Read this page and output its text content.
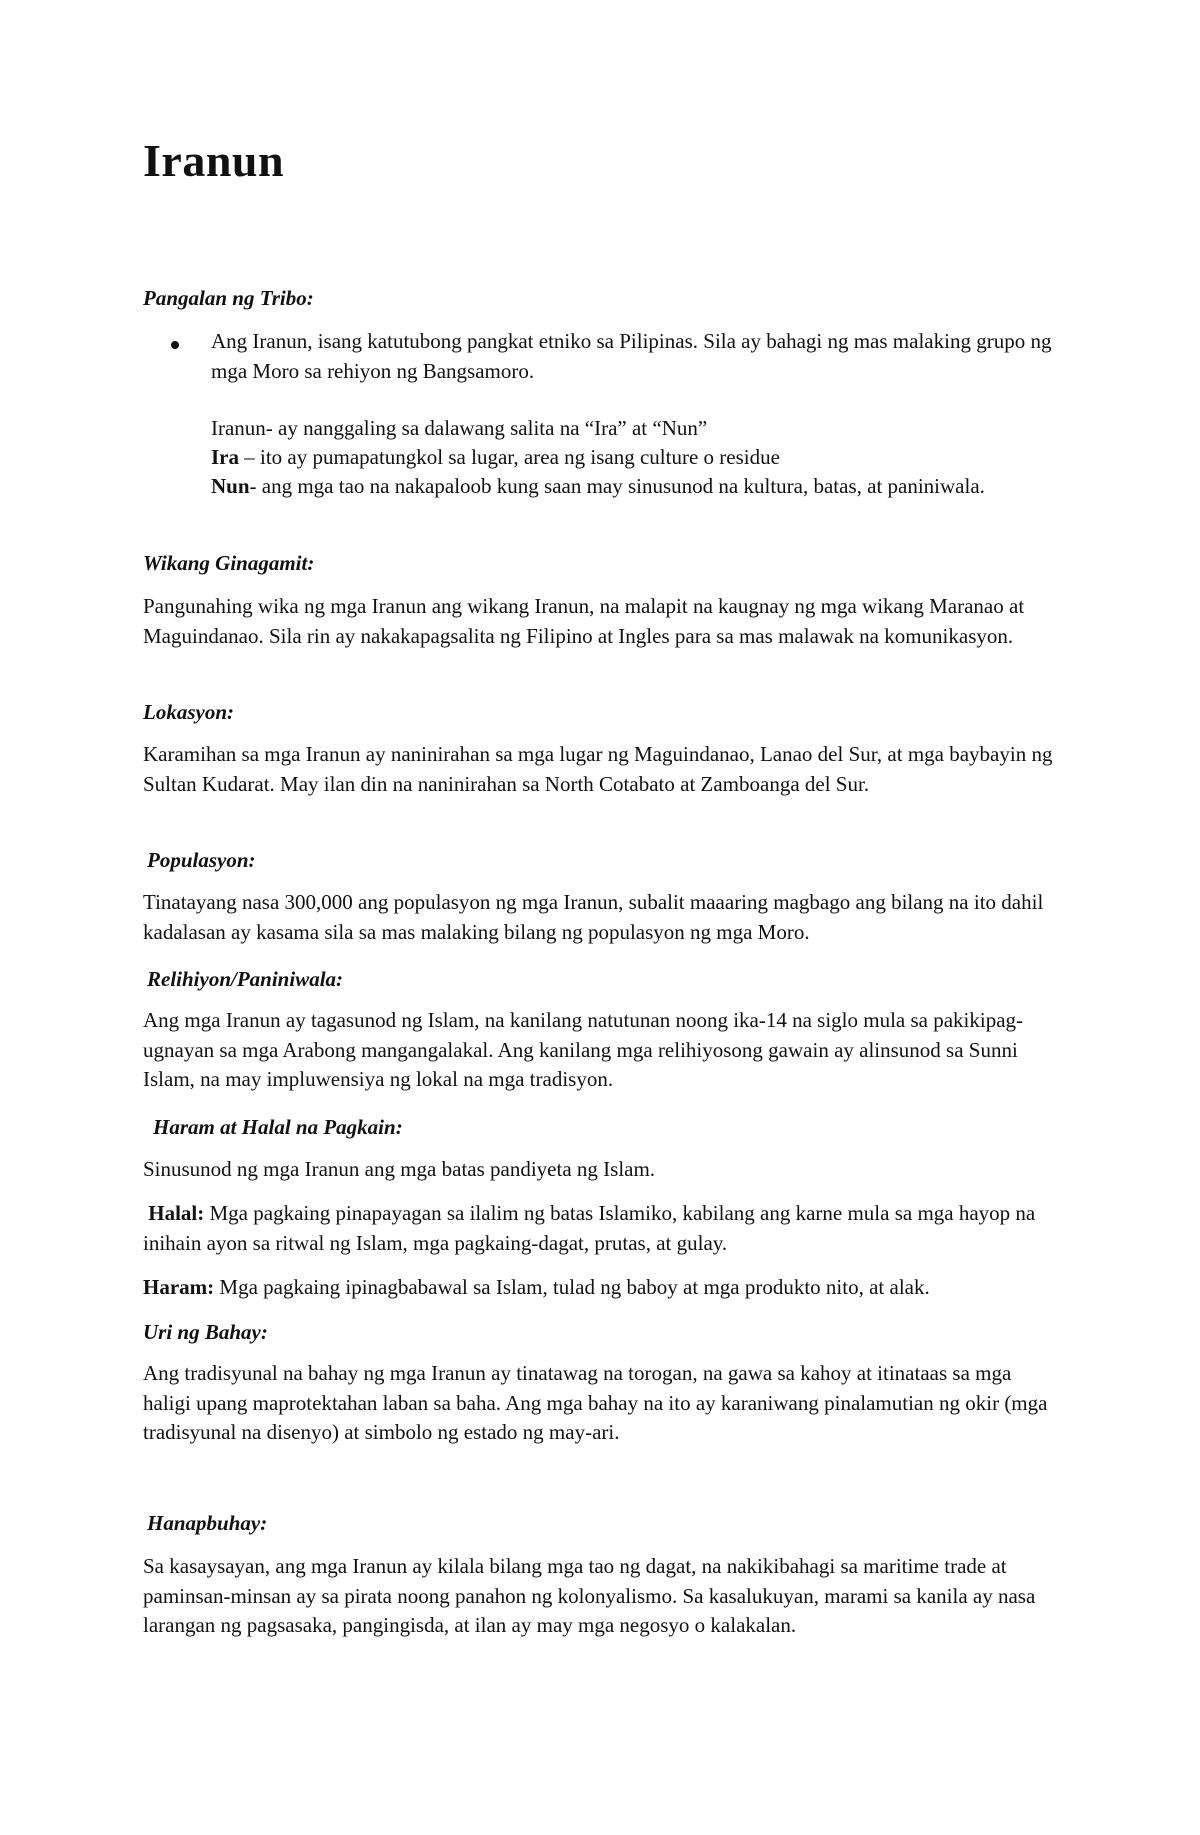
Iranun

Pangalan ng Tribo:

Ang Iranun, isang katutubong pangkat etniko sa Pilipinas. Sila ay bahagi ng mas malaking grupo ng mga Moro sa rehiyon ng Bangsamoro.

Iranun- ay nanggaling sa dalawang salita na “Ira” at “Nun”

Ira – ito ay pumapatungkol sa lugar, area ng isang culture o residue

Nun- ang mga tao na nakapaloob kung saan may sinusunod na kultura, batas, at paniniwala.

Wikang Ginagamit:

Pangunahing wika ng mga Iranun ang wikang Iranun, na malapit na kaugnay ng mga wikang Maranao at Maguindanao. Sila rin ay nakakapagsalita ng Filipino at Ingles para sa mas malawak na komunikasyon.

Lokasyon:

Karamihan sa mga Iranun ay naninirahan sa mga lugar ng Maguindanao, Lanao del Sur, at mga baybayin ng Sultan Kudarat. May ilan din na naninirahan sa North Cotabato at Zamboanga del Sur.

Populasyon:

Tinatayang nasa 300,000 ang populasyon ng mga Iranun, subalit maaaring magbago ang bilang na ito dahil kadalasan ay kasama sila sa mas malaking bilang ng populasyon ng mga Moro.

Relihiyon/Paniniwala:

Ang mga Iranun ay tagasunod ng Islam, na kanilang natutunan noong ika-14 na siglo mula sa pakikipag-ugnayan sa mga Arabong mangangalakal. Ang kanilang mga relihiyosong gawain ay alinsunod sa Sunni Islam, na may impluwensiya ng lokal na mga tradisyon.

Haram at Halal na Pagkain:

Sinusunod ng mga Iranun ang mga batas pandiyeta ng Islam.

Halal: Mga pagkaing pinapayagan sa ilalim ng batas Islamiko, kabilang ang karne mula sa mga hayop na inihain ayon sa ritwal ng Islam, mga pagkaing-dagat, prutas, at gulay.

Haram: Mga pagkaing ipinagbabawal sa Islam, tulad ng baboy at mga produkto nito, at alak.

Uri ng Bahay:

Ang tradisyunal na bahay ng mga Iranun ay tinatawag na torogan, na gawa sa kahoy at itinataas sa mga haligi upang maprotektahan laban sa baha. Ang mga bahay na ito ay karaniwang pinalamutian ng okir (mga tradisyunal na disenyo) at simbolo ng estado ng may-ari.

Hanapbuhay:

Sa kasaysayan, ang mga Iranun ay kilala bilang mga tao ng dagat, na nakikibahagi sa maritime trade at paminsan-minsan ay sa pirata noong panahon ng kolonyalismo. Sa kasalukuyan, marami sa kanila ay nasa larangan ng pagsasaka, pangingisda, at ilan ay may mga negosyo o kalakalan.
